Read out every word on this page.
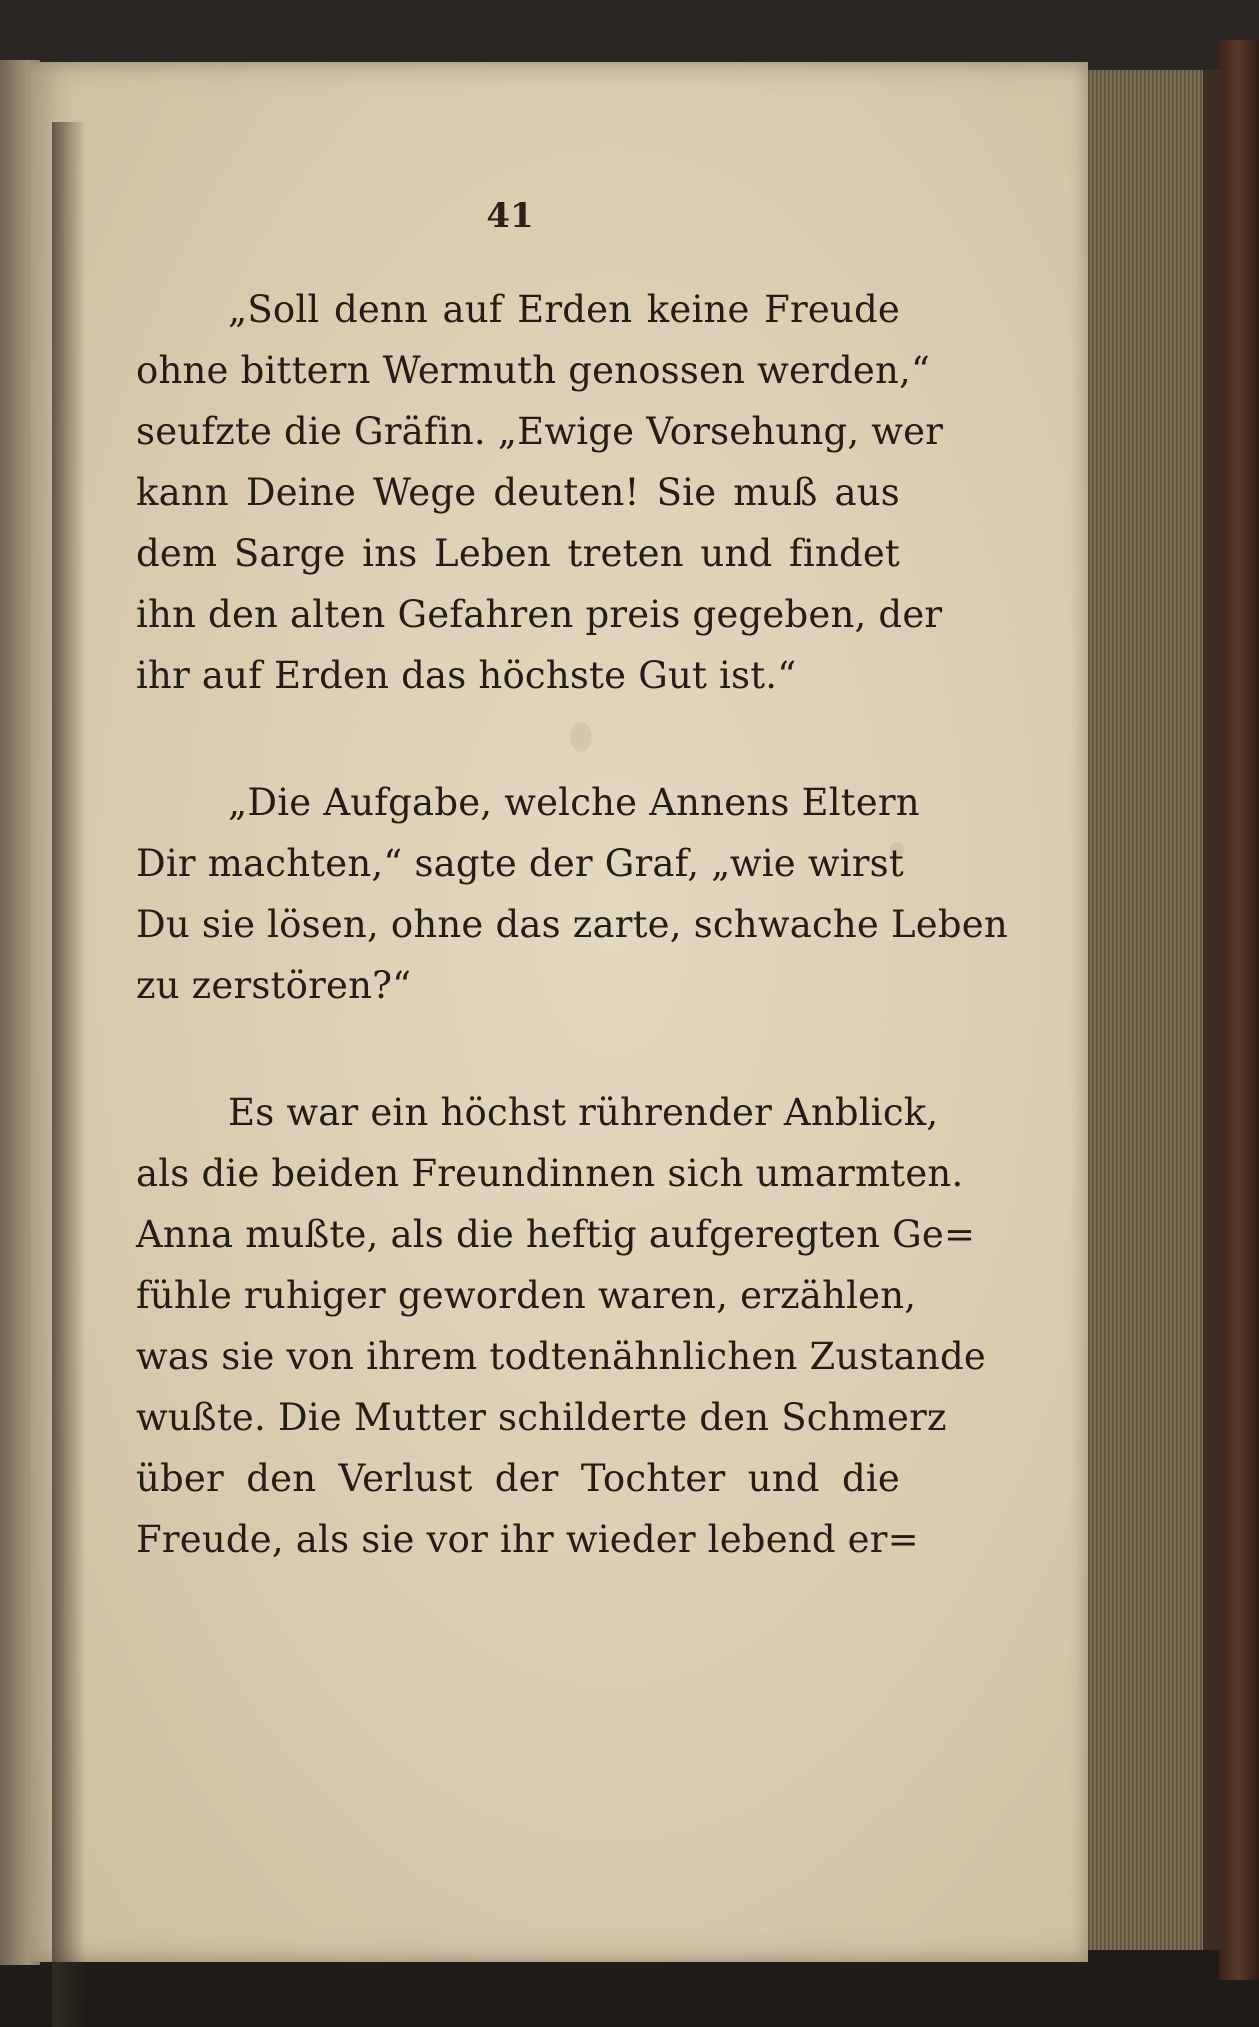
41
„Soll denn auf Erden keine Freude
ohne bittern Wermuth genossen werden,“
seufzte die Gräfin. „Ewige Vorsehung, wer
kann Deine Wege deuten! Sie muß aus
dem Sarge ins Leben treten und findet
ihn den alten Gefahren preis gegeben, der
ihr auf Erden das höchste Gut ist.“
„Die Aufgabe, welche Annens Eltern
Dir machten,“ sagte der Graf, „wie wirst
Du sie lösen, ohne das zarte, schwache Leben
zu zerstören?“
Es war ein höchst rührender Anblick,
als die beiden Freundinnen sich umarmten.
Anna mußte, als die heftig aufgeregten Ge=
fühle ruhiger geworden waren, erzählen,
was sie von ihrem todtenähnlichen Zustande
wußte. Die Mutter schilderte den Schmerz
über den Verlust der Tochter und die
Freude, als sie vor ihr wieder lebend er=
